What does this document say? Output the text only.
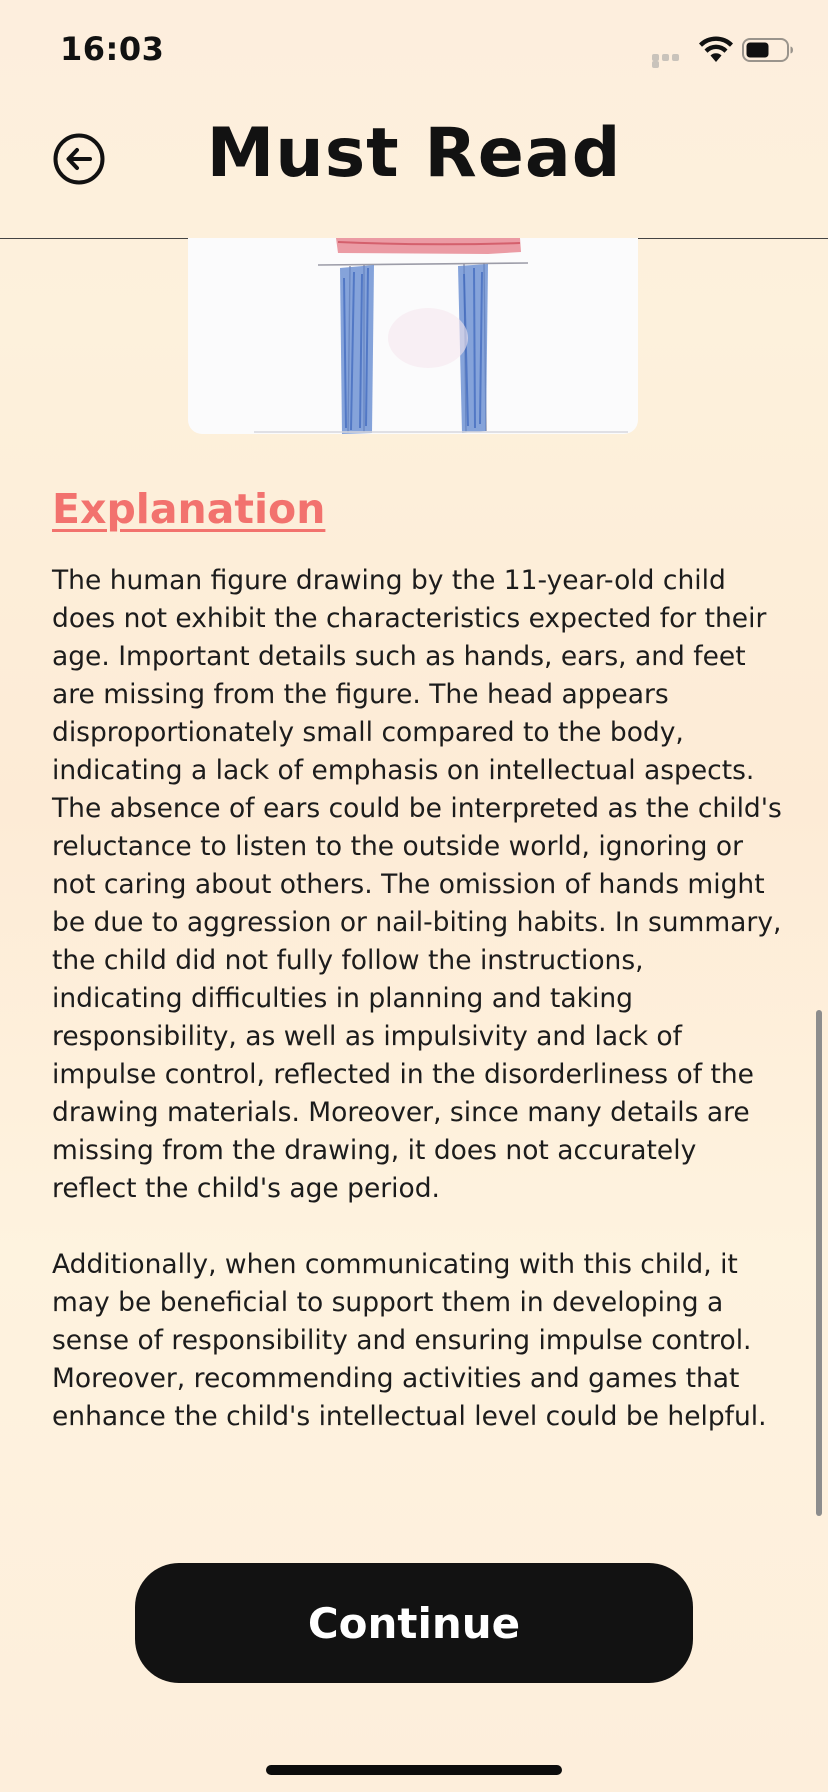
16:03
Must Read
Explanation

The human figure drawing by the 11-year-old child does not exhibit the characteristics expected for their age. Important details such as hands, ears, and feet are missing from the figure. The head appears disproportionately small compared to the body, indicating a lack of emphasis on intellectual aspects. The absence of ears could be interpreted as the child's reluctance to listen to the outside world, ignoring or not caring about others. The omission of hands might be due to aggression or nail-biting habits. In summary, the child did not fully follow the instructions, indicating difficulties in planning and taking responsibility, as well as impulsivity and lack of impulse control, reflected in the disorderliness of the drawing materials. Moreover, since many details are missing from the drawing, it does not accurately reflect the child's age period.

Additionally, when communicating with this child, it may be beneficial to support them in developing a sense of responsibility and ensuring impulse control. Moreover, recommending activities and games that enhance the child's intellectual level could be helpful.

Continue
